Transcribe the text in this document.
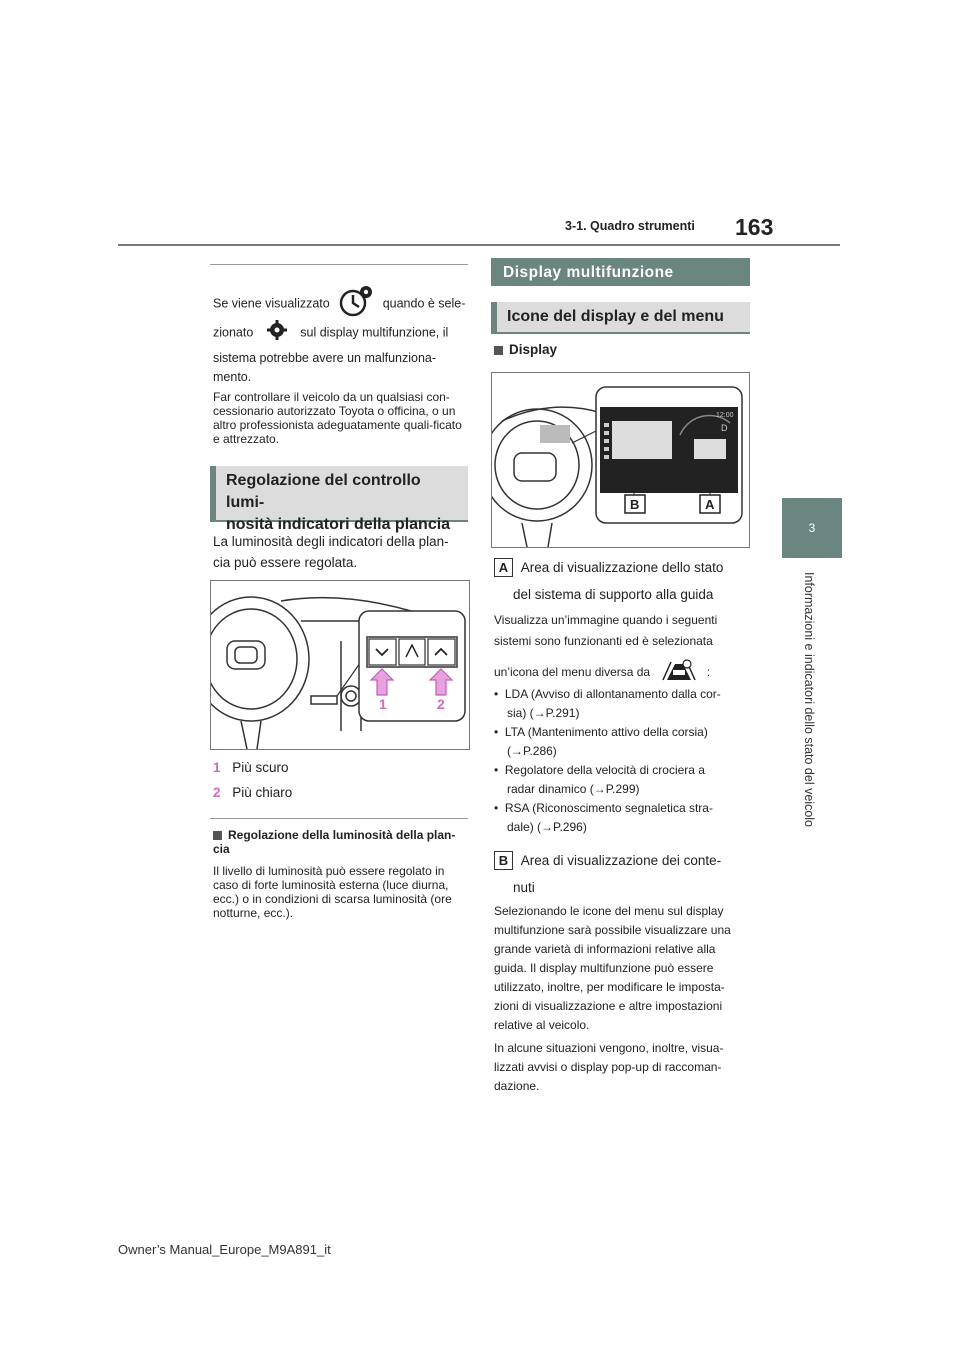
3-1. Quadro strumenti 163
3
Informazioni e indicatori dello stato del veicolo
Se viene visualizzato	quando è sele-
zionato	sul display multifunzione, il
sistema potrebbe avere un malfunziona-
mento.
Far controllare il veicolo da un qualsiasi con-cessionario autorizzato Toyota o officina, o un altro professionista adeguatamente quali-ficato e attrezzato.
Regolazione del controllo lumi-
nosità indicatori della plancia
La luminosità degli indicatori della plan-
cia può essere regolata.
1	2
1 Più scuro
2 Più chiaro
Regolazione della luminosità della plan-cia
Il livello di luminosità può essere regolato in caso di forte luminosità esterna (luce diurna, ecc.) o in condizioni di scarsa luminosità (ore notturne, ecc.).
Display multifunzione
Icone del display e del menu
Display
12:00
D
B	A
A Area di visualizzazione dello stato
del sistema di supporto alla guida
Visualizza un’immagine quando i seguenti
sistemi sono funzionanti ed è selezionata
un’icona del menu diversa da	:
•  LDA (Avviso di allontanamento dalla cor-
sia) (→P.291)
•  LTA (Mantenimento attivo della corsia)
(→P.286)
•  Regolatore della velocità di crociera a
radar dinamico (→P.299)
•  RSA (Riconoscimento segnaletica stra-
dale) (→P.296)
B Area di visualizzazione dei conte-
nuti
Selezionando le icone del menu sul display
multifunzione sarà possibile visualizzare una
grande varietà di informazioni relative alla
guida. Il display multifunzione può essere
utilizzato, inoltre, per modificare le imposta-
zioni di visualizzazione e altre impostazioni
relative al veicolo.
In alcune situazioni vengono, inoltre, visua-
lizzati avvisi o display pop-up di raccoman-
dazione.
Owner’s Manual_Europe_M9A891_it
